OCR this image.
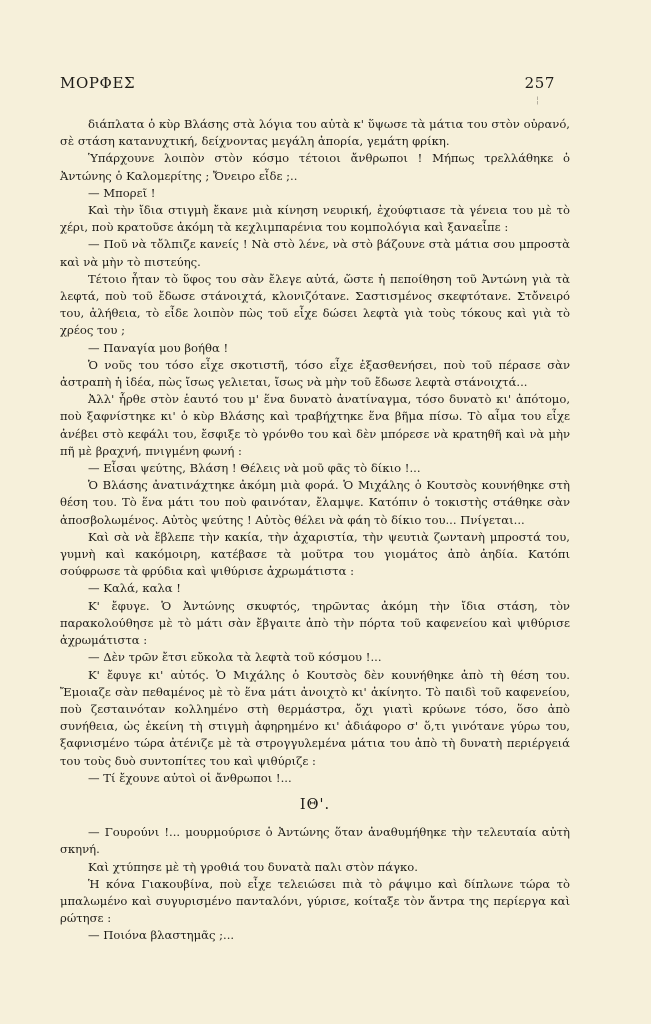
ΜΟΡΦΕΣ	257
¦

διάπλατα ὁ κὺρ Βλάσης στὰ λόγια του αὐτὰ κ' ὕψωσε τὰ μάτια του στὸν οὐρανό, σὲ στάση κατανυχτική, δείχνοντας μεγάλη ἀπορία, γεμάτη φρίκη.

Ὑπάρχουνε λοιπὸν στὸν κόσμο τέτοιοι ἄνθρωποι ! Μήπως τρελλάθηκε ὁ Ἀντώνης ὁ Καλομερίτης ; Ὄνειρο εἶδε ;..

— Μπορεῖ !

Καὶ τὴν ἴδια στιγμὴ ἔκανε μιὰ κίνηση νευρική, ἐχούφτιασε τὰ γένεια του μὲ τὸ χέρι, ποὺ κρατοῦσε ἀκόμη τὰ κεχλιμπαρένια του κομπολόγια καὶ ξαναεἶπε :

— Ποῦ νὰ τὄλπιζε κανείς ! Νὰ στὸ λένε, νὰ στὸ βάζουνε στὰ μάτια σου μπροστὰ καὶ νὰ μὴν τὸ πιστεύης.

Τέτοιο ἦταν τὸ ὕφος του σὰν ἔλεγε αὐτά, ὥστε ἡ πεποίθηση τοῦ Ἀντώνη γιὰ τὰ λεφτά, ποὺ τοῦ ἔδωσε στάνοιχτά, κλονιζότανε. Σαστισμένος σκεφτότανε. Στὄνειρό του, ἀλήθεια, τὸ εἶδε λοιπὸν πὼς τοῦ εἶχε δώσει λεφτὰ γιὰ τοὺς τόκους καὶ γιὰ τὸ χρέος του ;

— Παναγία μου βοήθα !

Ὁ νοῦς του τόσο εἶχε σκοτιστῆ, τόσο εἶχε ἐξασθενήσει, ποὺ τοῦ πέρασε σὰν ἀστραπὴ ἡ ἰδέα, πὼς ἴσως γελιεται, ἴσως νὰ μὴν τοῦ ἔδωσε λεφτὰ στάνοιχτά...

Ἀλλ' ἦρθε στὸν ἑαυτό του μ' ἕνα δυνατὸ ἀνατίναγμα, τόσο δυνατὸ κι' ἀπότομο, ποὺ ξαφνίστηκε κι' ὁ κὺρ Βλάσης καὶ τραβήχτηκε ἕνα βῆμα πίσω. Τὸ αἷμα του εἶχε ἀνέβει στὸ κεφάλι του, ἔσφιξε τὸ γρόνθο του καὶ δὲν μπόρεσε νὰ κρατηθῆ καὶ νὰ μὴν πῆ μὲ βραχνή, πνιγμένη φωνή :

— Εἶσαι ψεύτης, Βλάση ! Θέλεις νὰ μοῦ φᾶς τὸ δίκιο !...

Ὁ Βλάσης ἀνατινάχτηκε ἀκόμη μιὰ φορά. Ὁ Μιχάλης ὁ Κουτσὸς κουνήθηκε στὴ θέση του. Τὸ ἕνα μάτι του ποὺ φαινόταν, ἔλαμψε. Κατόπιν ὁ τοκιστὴς στάθηκε σὰν ἀποσβολωμένος. Αὐτὸς ψεύτης ! Αὐτὸς θέλει νὰ φάη τὸ δίκιο του... Πνίγεται...

Καὶ σὰ νὰ ἔβλεπε τὴν κακία, τὴν ἀχαριστία, τὴν ψευτιὰ ζωντανὴ μπροστά του, γυμνὴ καὶ κακόμοιρη, κατέβασε τὰ μοῦτρα του γιομάτος ἀπὸ ἀηδία. Κατόπι σούφρωσε τὰ φρύδια καὶ ψιθύρισε ἀχρωμάτιστα :

— Καλά, καλα !

Κ' ἔφυγε. Ὁ Ἀντώνης σκυφτός, τηρῶντας ἀκόμη τὴν ἴδια στάση, τὸν παρακολούθησε μὲ τὸ μάτι σὰν ἔβγαιτε ἀπὸ τὴν πόρτα τοῦ καφενείου καὶ ψιθύρισε ἀχρωμάτιστα :

— Δὲν τρῶν ἔτσι εὔκολα τὰ λεφτὰ τοῦ κόσμου !...

Κ' ἔφυγε κι' αὐτός. Ὁ Μιχάλης ὁ Κουτσὸς δὲν κουνήθηκε ἀπὸ τὴ θέση του. Ἔμοιαζε σὰν πεθαμένος μὲ τὸ ἕνα μάτι ἀνοιχτὸ κι' ἀκίνητο. Τὸ παιδὶ τοῦ καφενείου, ποὺ ζεσταινόταν κολλημένο στὴ θερμάστρα, ὄχι γιατὶ κρύωνε τόσο, ὅσο ἀπὸ συνήθεια, ὡς ἐκείνη τὴ στιγμὴ ἀφηρημένο κι' ἀδιάφορο σ' ὅ,τι γινότανε γύρω του, ξαφνισμένο τώρα ἀτένιζε μὲ τὰ στρογγυλεμένα μάτια του ἀπὸ τὴ δυνατὴ περιέργειά του τοὺς δυὸ συντοπίτες του καὶ ψιθύριζε :

— Τί ἔχουνε αὐτοὶ οἱ ἄνθρωποι !...

ΙΘ'.

— Γουρούνι !... μουρμούρισε ὁ Ἀντώνης ὅταν ἀναθυμήθηκε τὴν τελευταία αὐτὴ σκηνή.

Καὶ χτύπησε μὲ τὴ γροθιά του δυνατὰ παλι στὸν πάγκο.

Ἡ κόνα Γιακουβίνα, ποὺ εἶχε τελειώσει πιὰ τὸ ράψιμο καὶ δίπλωνε τώρα τὸ μπαλωμένο καὶ συγυρισμένο πανταλόνι, γύρισε, κοίταξε τὸν ἄντρα της περίεργα καὶ ρώτησε :

— Ποιόνα βλαστημᾶς ;...
